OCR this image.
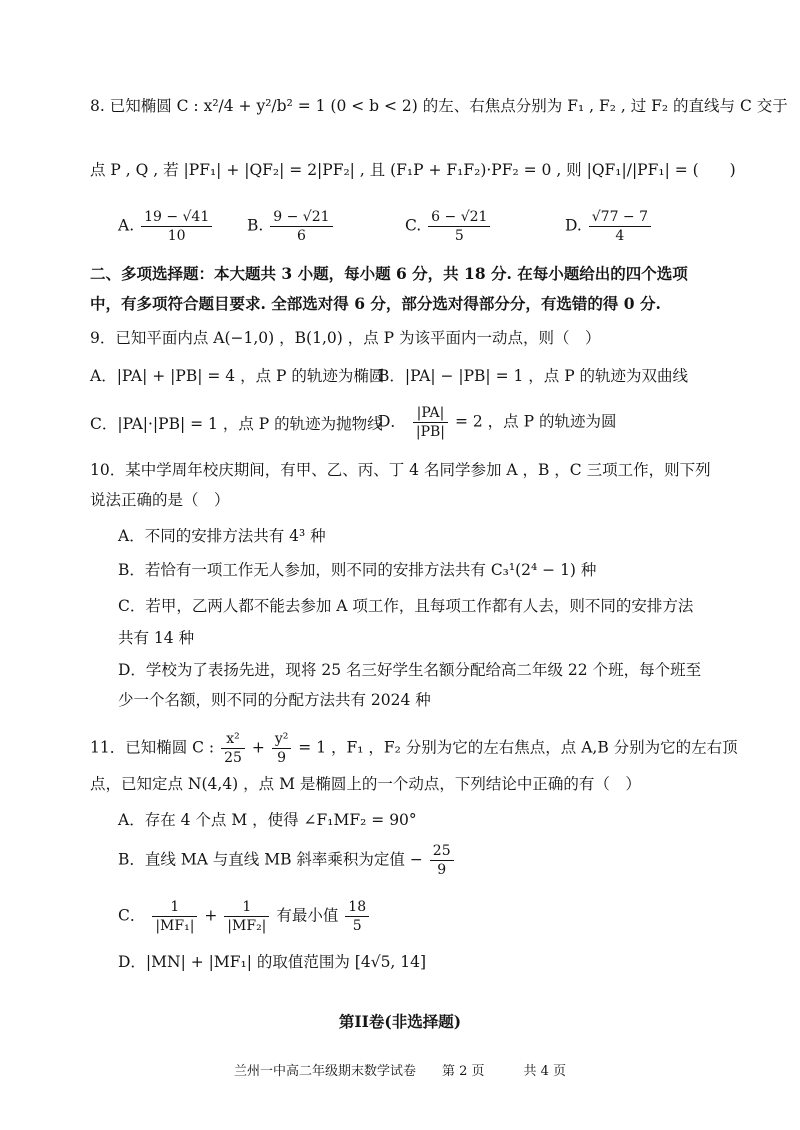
8. 已知椭圆 C : x²/4 + y²/b² = 1 (0 < b < 2) 的左、右焦点分别为 F₁ , F₂ , 过 F₂ 的直线与 C 交于
点 P , Q , 若 |PF₁| + |QF₂| = 2|PF₂| , 且 (F₁P + F₁F₂)·PF₂ = 0 , 则 |QF₁|/|PF₁| = (　　)
A. $\frac{19 - √41}{10} B$. $\frac{9 - √21}{6}$	C. $\frac{6 - √21}{5}$	D. $\frac{√77 - 7}{4}$
二、多项选择题：本大题共 3 小题，每小题 6 分，共 18 分. 在每小题给出的四个选项
中，有多项符合题目要求. 全部选对得 6 分，部分选对得部分分，有选错的得 0 分.
9．已知平面内点 A(−1,0) ，B(1,0) ，点 P 为该平面内一动点，则（　）
A．|PA| + |PB| = 4 ，点 P 的轨迹为椭圆
B．|PA| − |PB| = 1 ，点 P 的轨迹为双曲线
C．|PA|·|PB| = 1 ，点 P 的轨迹为抛物线
D． $\frac{|PA|}{|PB|} = 2$ ，点 P 的轨迹为圆
10．某中学周年校庆期间，有甲、乙、丙、丁 4 名同学参加 A ，B ，C 三项工作，则下列
说法正确的是（　）
A．不同的安排方法共有 4³ 种
B．若恰有一项工作无人参加，则不同的安排方法共有 C₃¹(2⁴ − 1) 种
C．若甲，乙两人都不能去参加 A 项工作，且每项工作都有人去，则不同的安排方法
共有 14 种
D．学校为了表扬先进，现将 25 名三好学生名额分配给高二年级 22 个班，每个班至
少一个名额，则不同的分配方法共有 2024 种
11．已知椭圆 C : $\frac{\text{x²}}{25} + \frac{\text{y²}}{9} = 1$ ，F₁ ，F₂ 分别为它的左右焦点，点 A,B 分别为它的左右顶
点，已知定点 N(4,4) ，点 M 是椭圆上的一个动点，下列结论中正确的有（　）
A．存在 4 个点 M ，使得 ∠F₁MF₂ = 90°
B．直线 MA 与直线 MB 斜率乘积为定值 − $\frac{25}{9}$
C． $\frac{1}{\text{|MF₁|}} + \frac{1}{\text{|MF₂|}}$ 有最小值 $\frac{18}{5}$
D．|MN| + |MF₁| 的取值范围为 [4√5, 14]
第II卷(非选择题)
兰州一中高二年级期末数学试卷　　第 2 页　　　共 4 页
